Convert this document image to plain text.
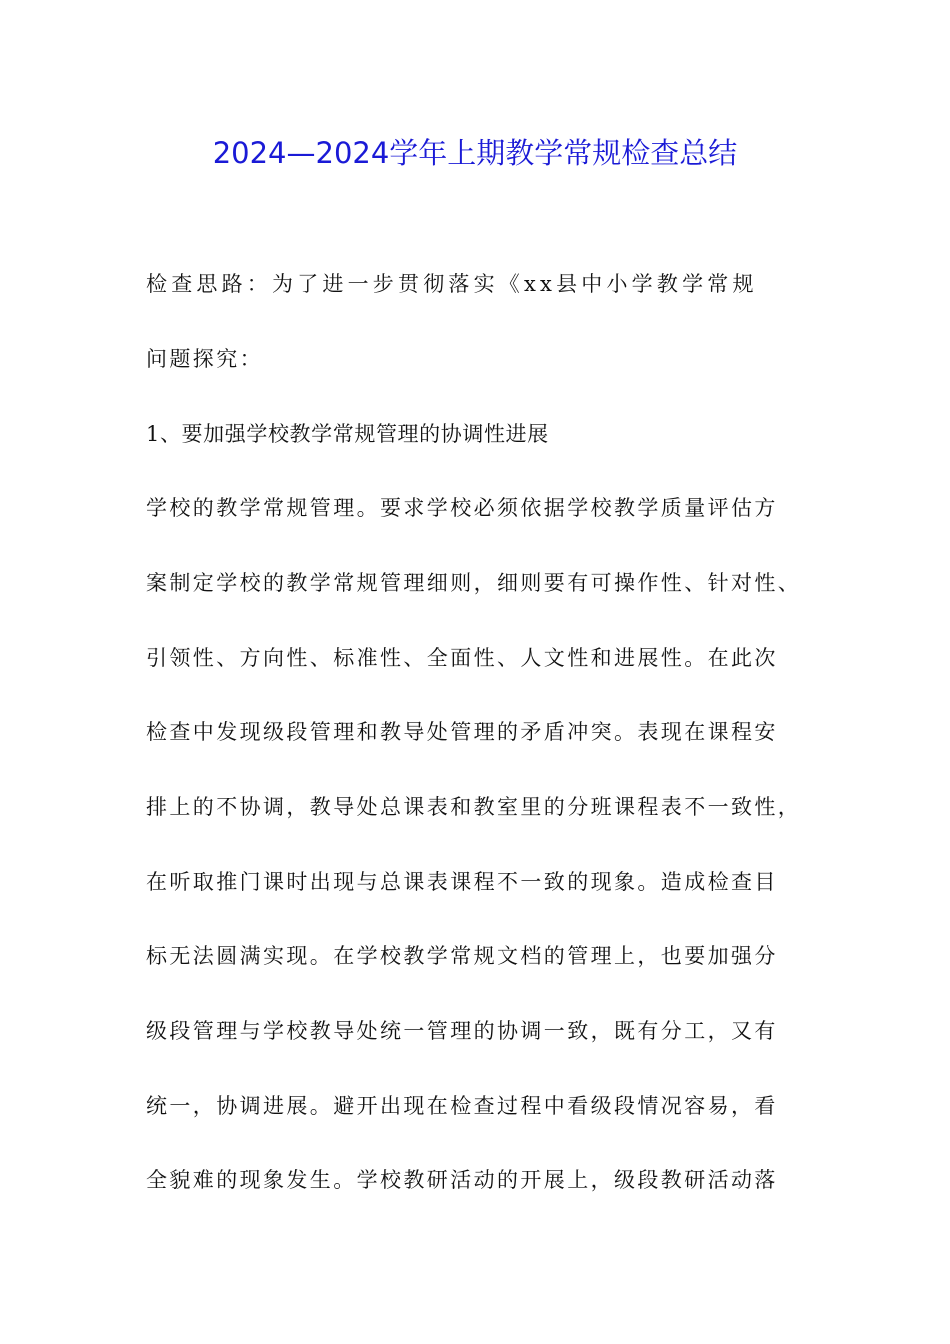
2024—2024学年上期教学常规检查总结

检查思路：为了进一步贯彻落实《xx县中小学教学常规

问题探究：

1、要加强学校教学常规管理的协调性进展

学校的教学常规管理。要求学校必须依据学校教学质量评估方

案制定学校的教学常规管理细则，细则要有可操作性、针对性、

引领性、方向性、标准性、全面性、人文性和进展性。在此次

检查中发现级段管理和教导处管理的矛盾冲突。表现在课程安

排上的不协调，教导处总课表和教室里的分班课程表不一致性，

在听取推门课时出现与总课表课程不一致的现象。造成检查目

标无法圆满实现。在学校教学常规文档的管理上，也要加强分

级段管理与学校教导处统一管理的协调一致，既有分工，又有

统一，协调进展。避开出现在检查过程中看级段情况容易，看

全貌难的现象发生。学校教研活动的开展上，级段教研活动落
